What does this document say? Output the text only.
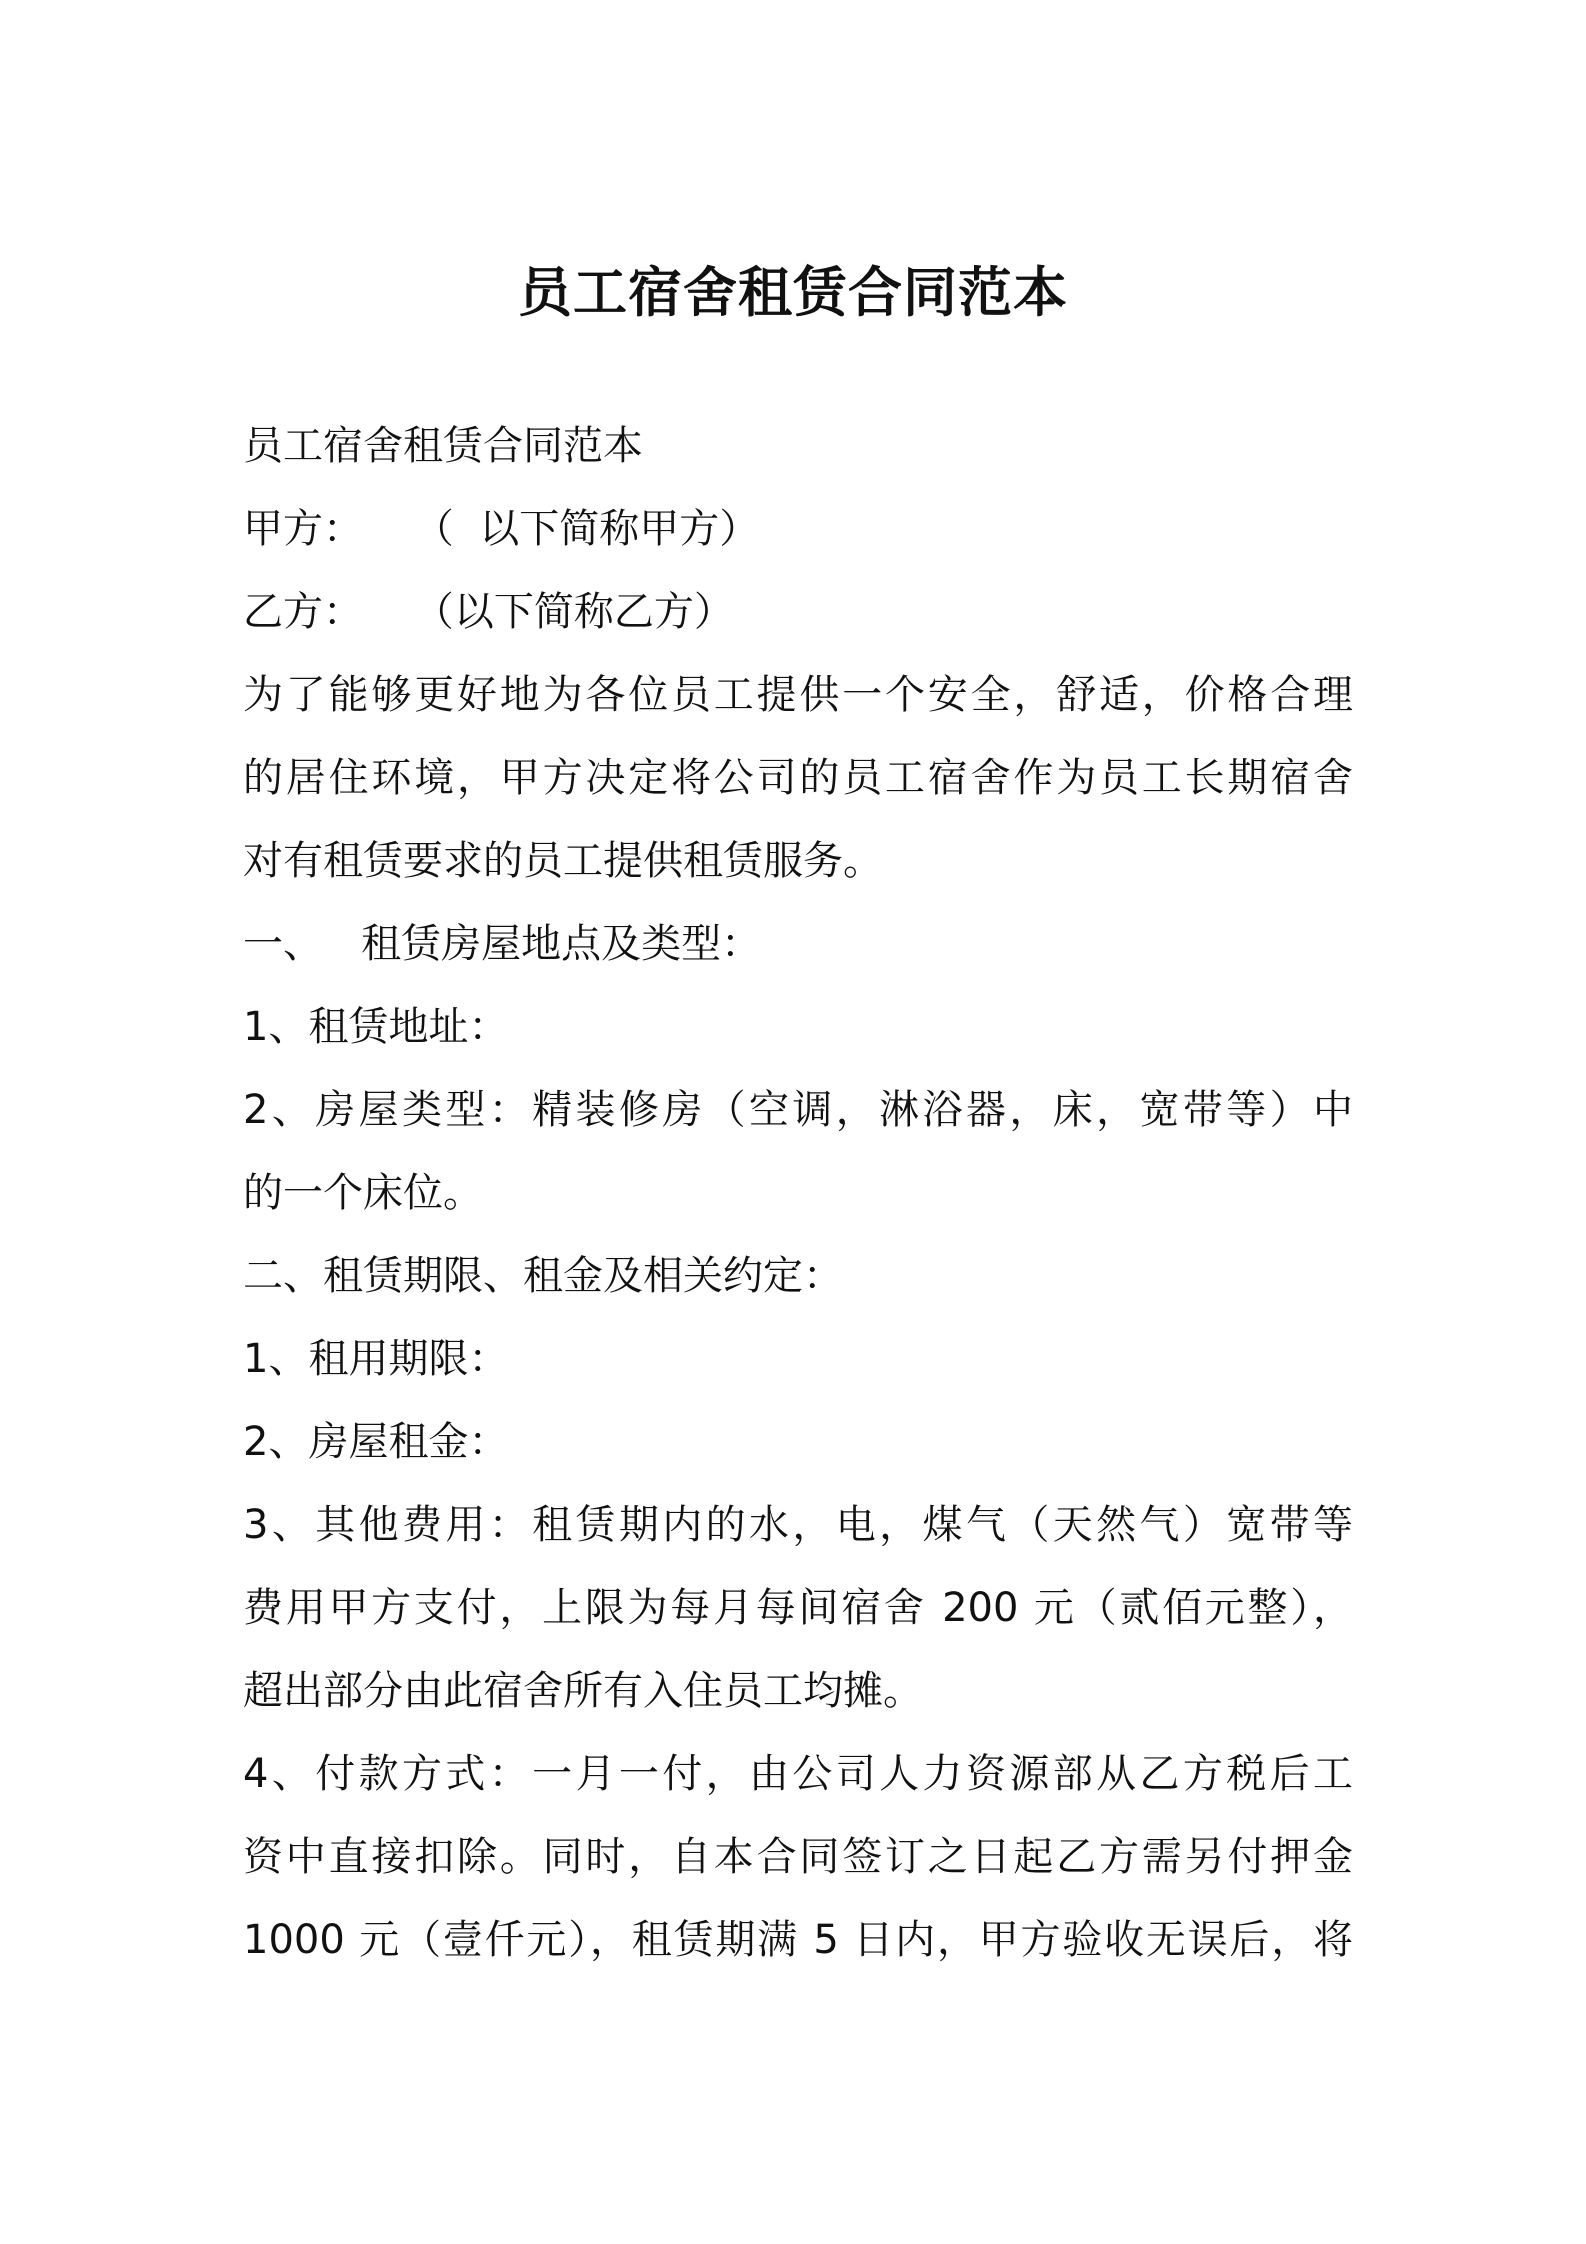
员工宿舍租赁合同范本
员工宿舍租赁合同范本
甲方：    （  以下简称甲方）
乙方：    （以下简称乙方）
为了能够更好地为各位员工提供一个安全，舒适，价格合理
的居住环境，甲方决定将公司的员工宿舍作为员工长期宿舍
对有租赁要求的员工提供租赁服务。
一、   租赁房屋地点及类型：
1、租赁地址：
2、房屋类型：精装修房（空调，淋浴器，床，宽带等）中
的一个床位。
二、租赁期限、租金及相关约定：
1、租用期限：
2、房屋租金：
3、其他费用：租赁期内的水，电，煤气（天然气）宽带等
费用甲方支付，上限为每月每间宿舍 200 元（贰佰元整），
超出部分由此宿舍所有入住员工均摊。
4、付款方式：一月一付，由公司人力资源部从乙方税后工
资中直接扣除。同时，自本合同签订之日起乙方需另付押金
1000 元（壹仟元），租赁期满 5 日内，甲方验收无误后，将
